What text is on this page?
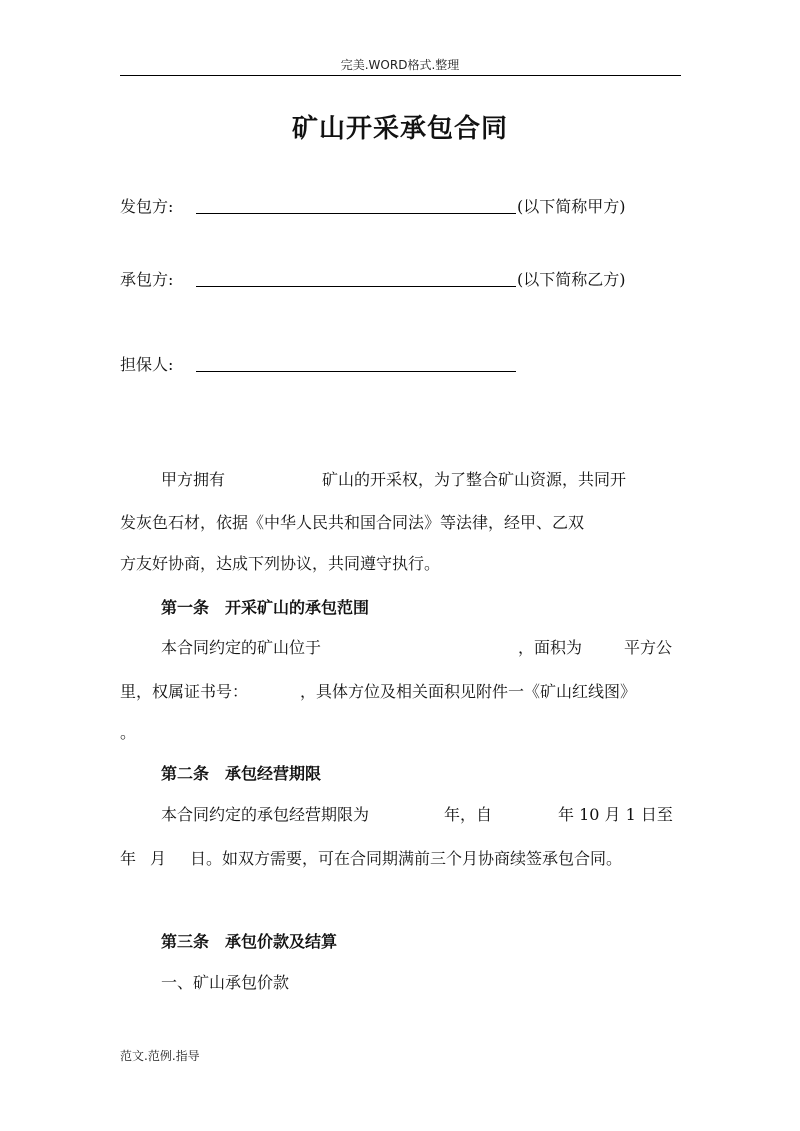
完美.WORD格式.整理
矿山开采承包合同
发包方:	(以下简称甲方)
承包方:	(以下简称乙方)
担保人:
甲方拥有	矿山的开采权，为了整合矿山资源，共同开
发灰色石材，依据《中华人民共和国合同法》等法律，经甲、乙双
方友好协商，达成下列协议，共同遵守执行。
第一条　开采矿山的承包范围
本合同约定的矿山位于	，面积为	平方公
里，权属证书号：	，具体方位及相关面积见附件一《矿山红线图》
。
第二条　承包经营期限
本合同约定的承包经营期限为	年，自	年 10 月 1 日至
年 月 日。如双方需要，可在合同期满前三个月协商续签承包合同。
第三条　承包价款及结算
一、矿山承包价款
范文.范例.指导
